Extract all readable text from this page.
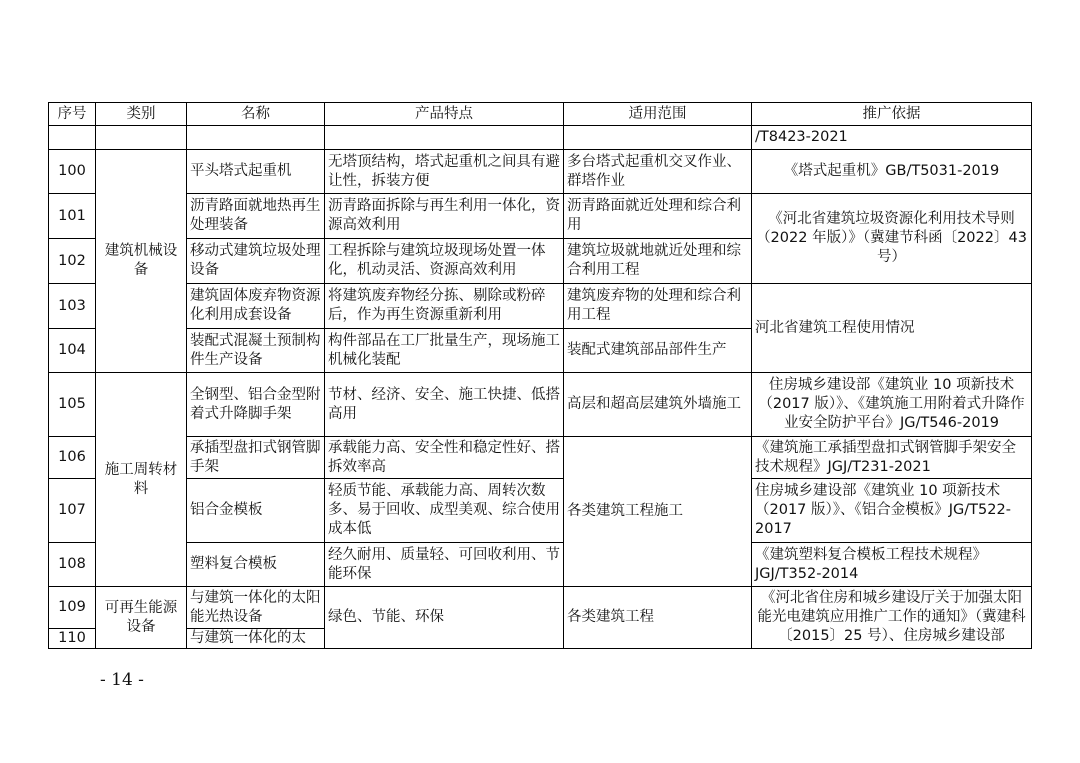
序号	类别	名称	产品特点	适用范围	推广依据
					/T8423-2021
100	建筑机械设备	平头塔式起重机	无塔顶结构，塔式起重机之间具有避让性，拆装方便	多台塔式起重机交叉作业、群塔作业	《塔式起重机》GB/T5031-2019
101		沥青路面就地热再生处理装备	沥青路面拆除与再生利用一体化，资源高效利用	沥青路面就近处理和综合利用	《河北省建筑垃圾资源化利用技术导则（2022 年版）》（冀建节科函〔2022〕43 号）
102		移动式建筑垃圾处理设备	工程拆除与建筑垃圾现场处置一体化，机动灵活、资源高效利用	建筑垃圾就地就近处理和综合利用工程	
103		建筑固体废弃物资源化利用成套设备	将建筑废弃物经分拣、剔除或粉碎后，作为再生资源重新利用	建筑废弃物的处理和综合利用工程	河北省建筑工程使用情况
104		装配式混凝土预制构件生产设备	构件部品在工厂批量生产，现场施工机械化装配	装配式建筑部品部件生产	
105	施工周转材料	全钢型、铝合金型附着式升降脚手架	节材、经济、安全、施工快捷、低搭高用	高层和超高层建筑外墙施工	住房城乡建设部《建筑业 10 项新技术（2017 版）》、《建筑施工用附着式升降作业安全防护平台》JG/T546-2019
106		承插型盘扣式钢管脚手架	承载能力高、安全性和稳定性好、搭拆效率高	各类建筑工程施工	《建筑施工承插型盘扣式钢管脚手架安全技术规程》JGJ/T231-2021
107		铝合金模板	轻质节能、承载能力高、周转次数多、易于回收、成型美观、综合使用成本低		住房城乡建设部《建筑业 10 项新技术（2017 版）》、《铝合金模板》JG/T522-2017
108		塑料复合模板	经久耐用、质量轻、可回收利用、节能环保		《建筑塑料复合模板工程技术规程》JGJ/T352-2014
109	可再生能源设备	与建筑一体化的太阳能光热设备	绿色、节能、环保	各类建筑工程	《河北省住房和城乡建设厅关于加强太阳能光电建筑应用推广工作的通知》（冀建科〔2015〕25 号）、住房城乡建设部
110		与建筑一体化的太			
- 14 -
